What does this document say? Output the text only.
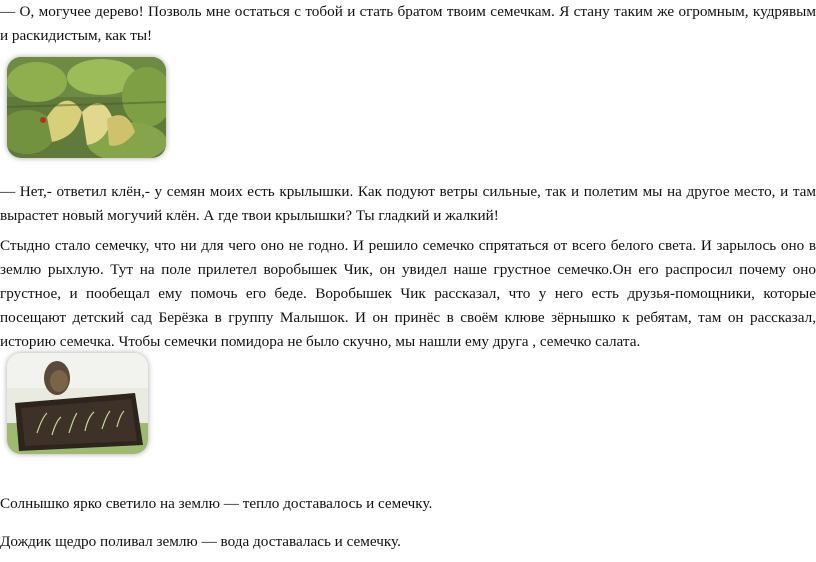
— О, могучее дерево! Позволь мне остаться с тобой и стать братом твоим семечкам. Я стану таким же огромным, кудрявым и раскидистым, как ты!
— Нет,- ответил клён,- у семян моих есть крылышки. Как подуют ветры сильные, так и полетим мы на другое место, и там вырастет новый могучий клён. А где твои крылышки? Ты гладкий и жалкий!
Стыдно стало семечку, что ни для чего оно не годно. И решило семечко спрятаться от всего белого света. И зарылось оно в землю рыхлую. Тут на поле прилетел воробышек Чик, он увидел наше грустное семечко.Он его распросил почему оно грустное, и пообещал ему помочь его беде. Воробышек Чик рассказал, что у него есть друзья-помощники, которые посещают детский сад Берёзка в группу Малышок. И он принёс в своём клюве зёрнышко к ребятам, там он рассказал, историю семечка. Чтобы семечки помидора не было скучно, мы нашли ему друга , семечко салата.
Солнышко ярко светило на землю — тепло доставалось и семечку.
Дождик щедро поливал землю — вода доставалась и семечку.
